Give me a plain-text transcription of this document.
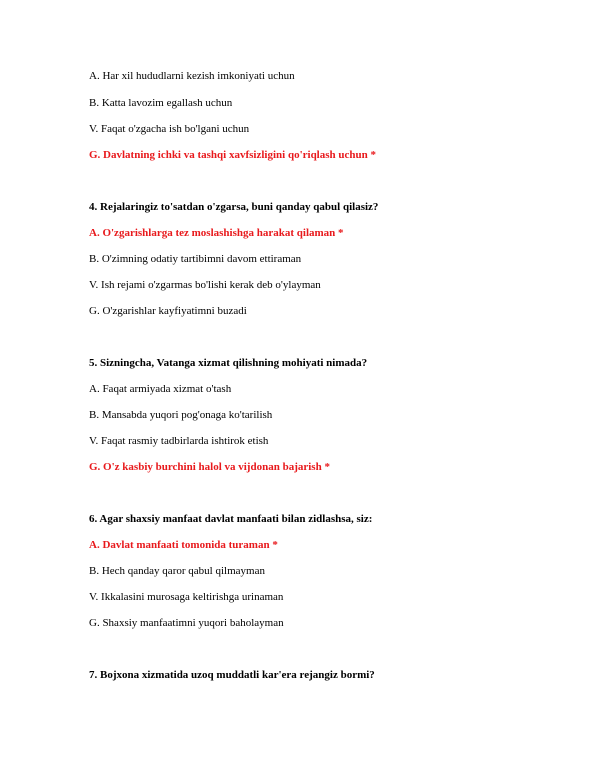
A. Har xil hududlarni kezish imkoniyati uchun
B. Katta lavozim egallash uchun
V. Faqat o'zgacha ish bo'lgani uchun
G. Davlatning ichki va tashqi xavfsizligini qo'riqlash uchun *
4. Rejalaringiz to'satdan o'zgarsa, buni qanday qabul qilasiz?
A. O'zgarishlarga tez moslashishga harakat qilaman *
B. O'zimning odatiy tartibimni davom ettiraman
V. Ish rejami o'zgarmas bo'lishi kerak deb o'ylayman
G. O'zgarishlar kayfiyatimni buzadi
5. Sizningcha, Vatanga xizmat qilishning mohiyati nimada?
A. Faqat armiyada xizmat o'tash
B. Mansabda yuqori pog'onaga ko'tarilish
V. Faqat rasmiy tadbirlarda ishtirok etish
G. O'z kasbiy burchini halol va vijdonan bajarish *
6. Agar shaxsiy manfaat davlat manfaati bilan zidlashsa, siz:
A. Davlat manfaati tomonida turaman *
B. Hech qanday qaror qabul qilmayman
V. Ikkalasini murosaga keltirishga urinaman
G. Shaxsiy manfaatimni yuqori baholayman
7. Bojxona xizmatida uzoq muddatli kar'era rejangiz bormi?
